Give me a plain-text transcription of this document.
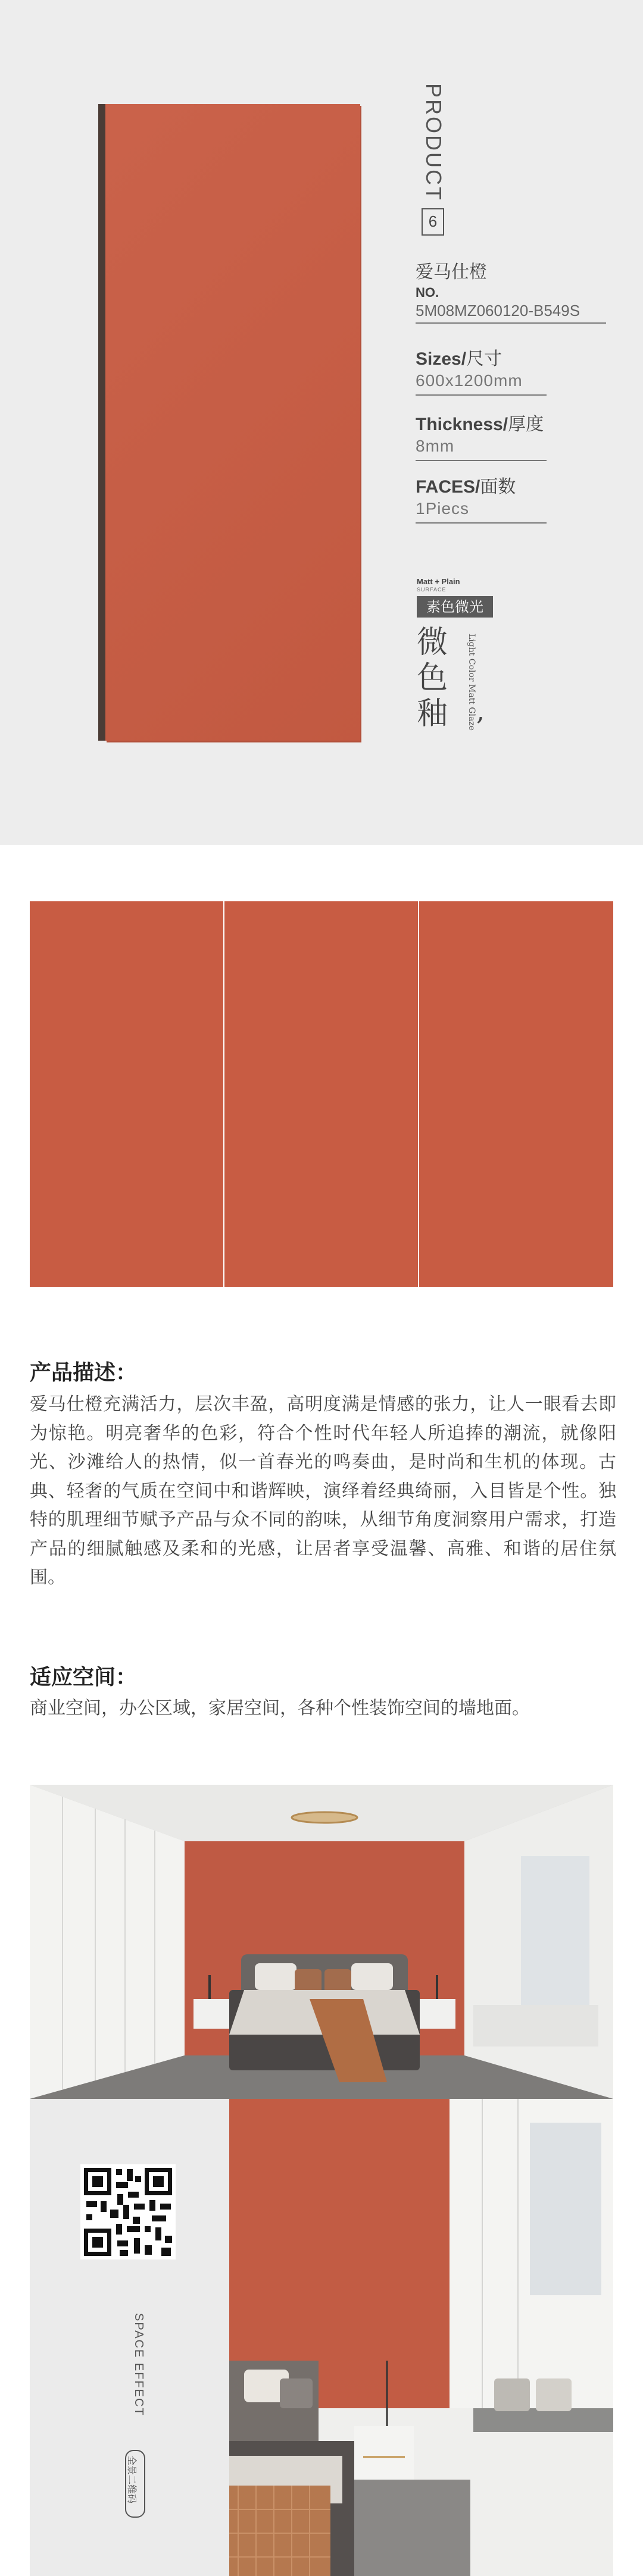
PRODUCT
6
爱马仕橙
NO.
5M08MZ060120-B549S

Sizes/尺寸

600x1200mm

Thickness/厚度

8mm

FACES/面数

1Piecs

Matt + Plain
SURFACE
素色微光
微色釉	Light Color Matt Glaze ,
产品描述：
爱马仕橙充满活力，层次丰盈，高明度满是情感的张力，让人一眼看去即为惊艳。明亮奢华的色彩，符合个性时代年轻人所追捧的潮流，就像阳光、沙滩给人的热情，似一首春光的鸣奏曲，是时尚和生机的体现。古典、轻奢的气质在空间中和谐辉映，演绎着经典绮丽，入目皆是个性。独特的肌理细节赋予产品与众不同的韵味，从细节角度洞察用户需求，打造产品的细腻触感及柔和的光感，让居者享受温馨、高雅、和谐的居住氛围。
适应空间：
商业空间，办公区域，家居空间，各种个性装饰空间的墙地面。
SPACE EFFECT
全景二维码
